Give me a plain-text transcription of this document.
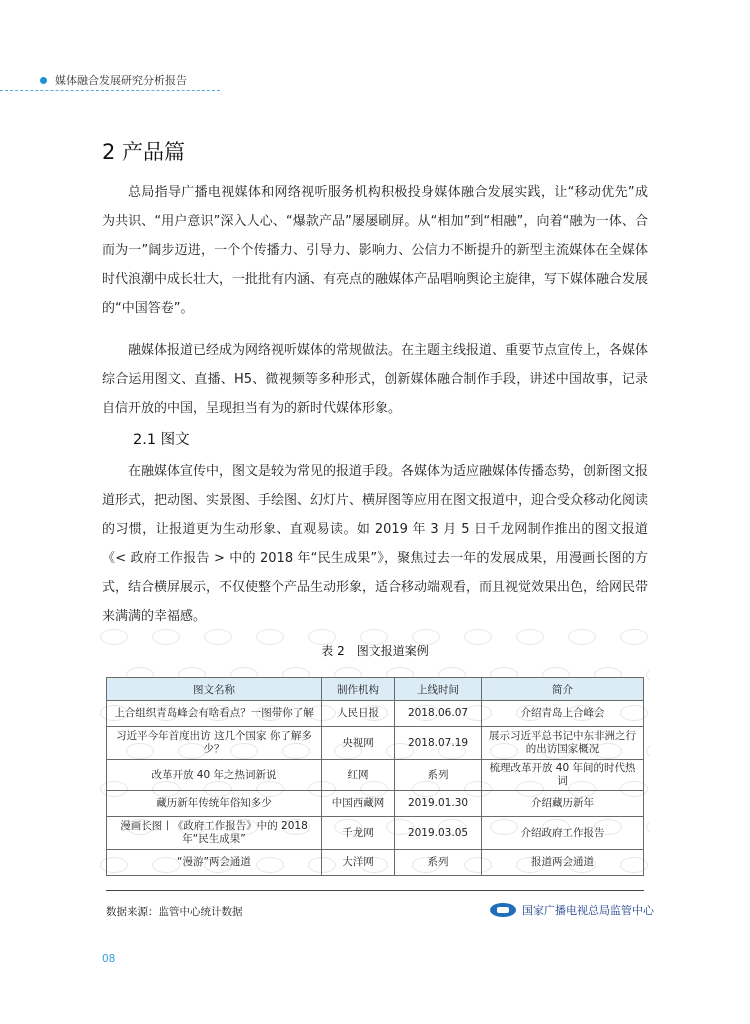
媒体融合发展研究分析报告
2 产品篇
总局指导广播电视媒体和网络视听服务机构积极投身媒体融合发展实践，让“移动优先”成为共识、“用户意识”深入人心、“爆款产品”屡屡刷屏。从“相加”到“相融”，向着“融为一体、合而为一”阔步迈进，一个个传播力、引导力、影响力、公信力不断提升的新型主流媒体在全媒体时代浪潮中成长壮大，一批批有内涵、有亮点的融媒体产品唱响舆论主旋律，写下媒体融合发展的“中国答卷”。
融媒体报道已经成为网络视听媒体的常规做法。在主题主线报道、重要节点宣传上，各媒体综合运用图文、直播、H5、微视频等多种形式，创新媒体融合制作手段，讲述中国故事，记录自信开放的中国，呈现担当有为的新时代媒体形象。
2.1 图文
在融媒体宣传中，图文是较为常见的报道手段。各媒体为适应融媒体传播态势，创新图文报道形式，把动图、实景图、手绘图、幻灯片、横屏图等应用在图文报道中，迎合受众移动化阅读的习惯，让报道更为生动形象、直观易读。如 2019 年 3 月 5 日千龙网制作推出的图文报道《< 政府工作报告 > 中的 2018 年“民生成果”》，聚焦过去一年的发展成果，用漫画长图的方式，结合横屏展示，不仅使整个产品生动形象，适合移动端观看，而且视觉效果出色，给网民带来满满的幸福感。
表 2　图文报道案例
图文名称	制作机构	上线时间	简介
上合组织青岛峰会有啥看点？一图带你了解	人民日报	2018.06.07	介绍青岛上合峰会
习近平今年首度出访 这几个国家 你了解多少？	央视网	2018.07.19	展示习近平总书记中东非洲之行的出访国家概况
改革开放 40 年之热词新说	红网	系列	梳理改革开放 40 年间的时代热词
藏历新年传统年俗知多少	中国西藏网	2019.01.30	介绍藏历新年
漫画长图丨《政府工作报告》中的 2018 年“民生成果”	千龙网	2019.03.05	介绍政府工作报告
“漫游”两会通道	大洋网	系列	报道两会通道
数据来源：监管中心统计数据	国家广播电视总局监管中心
08
